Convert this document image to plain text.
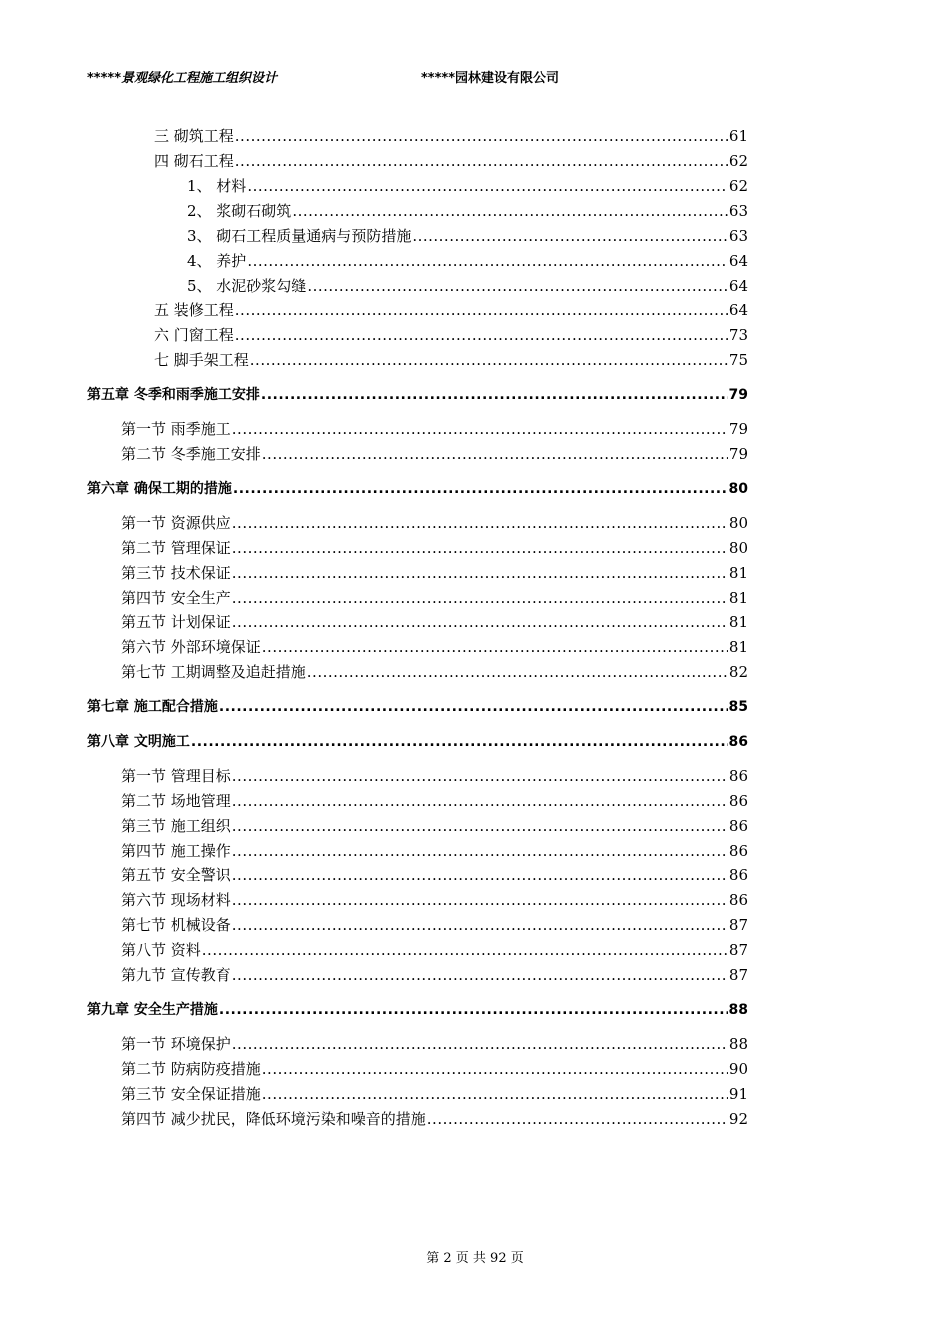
*****景观绿化工程施工组织设计	*****园林建设有限公司
三 砌筑工程 .....	61
四 砌石工程 .....	62
1、 材料 .....	62
2、 浆砌石砌筑 .....	63
3、 砌石工程质量通病与预防措施 .....	63
4、 养护 .....	64
5、 水泥砂浆勾缝 .....	64
五 装修工程 .....	64
六 门窗工程 .....	73
七 脚手架工程 .....	75
第五章 冬季和雨季施工安排 .....	79
第一节 雨季施工 .....	79
第二节 冬季施工安排 .....	79
第六章 确保工期的措施 .....	80
第一节 资源供应 .....	80
第二节 管理保证 .....	80
第三节 技术保证 .....	81
第四节 安全生产 .....	81
第五节 计划保证 .....	81
第六节 外部环境保证 .....	81
第七节 工期调整及追赶措施 .....	82
第七章 施工配合措施 .....	85
第八章 文明施工 .....	86
第一节 管理目标 .....	86
第二节 场地管理 .....	86
第三节 施工组织 .....	86
第四节 施工操作 .....	86
第五节 安全警识 .....	86
第六节 现场材料 .....	86
第七节 机械设备 .....	87
第八节 资料 .....	87
第九节 宣传教育 .....	87
第九章 安全生产措施 .....	88
第一节 环境保护 .....	88
第二节 防病防疫措施 .....	90
第三节 安全保证措施 .....	91
第四节 减少扰民，降低环境污染和噪音的措施 .....	92
第 2 页 共 92 页
